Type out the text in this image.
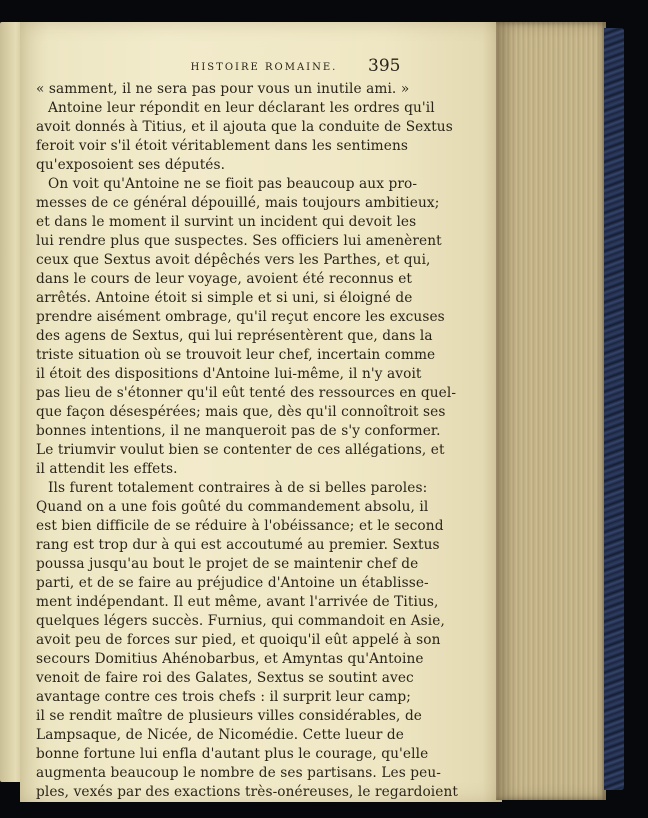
HISTOIRE ROMAINE.	395
« samment, il ne sera pas pour vous un inutile ami. »
Antoine leur répondit en leur déclarant les ordres qu'il
avoit donnés à Titius, et il ajouta que la conduite de Sextus
feroit voir s'il étoit véritablement dans les sentimens
qu'exposoient ses députés.
On voit qu'Antoine ne se fioit pas beaucoup aux pro-
messes de ce général dépouillé, mais toujours ambitieux;
et dans le moment il survint un incident qui devoit les
lui rendre plus que suspectes. Ses officiers lui amenèrent
ceux que Sextus avoit dépêchés vers les Parthes, et qui,
dans le cours de leur voyage, avoient été reconnus et
arrêtés. Antoine étoit si simple et si uni, si éloigné de
prendre aisément ombrage, qu'il reçut encore les excuses
des agens de Sextus, qui lui représentèrent que, dans la
triste situation où se trouvoit leur chef, incertain comme
il étoit des dispositions d'Antoine lui-même, il n'y avoit
pas lieu de s'étonner qu'il eût tenté des ressources en quel-
que façon désespérées; mais que, dès qu'il connoîtroit ses
bonnes intentions, il ne manqueroit pas de s'y conformer.
Le triumvir voulut bien se contenter de ces allégations, et
il attendit les effets.
Ils furent totalement contraires à de si belles paroles:
Quand on a une fois goûté du commandement absolu, il
est bien difficile de se réduire à l'obéissance; et le second
rang est trop dur à qui est accoutumé au premier. Sextus
poussa jusqu'au bout le projet de se maintenir chef de
parti, et de se faire au préjudice d'Antoine un établisse-
ment indépendant. Il eut même, avant l'arrivée de Titius,
quelques légers succès. Furnius, qui commandoit en Asie,
avoit peu de forces sur pied, et quoiqu'il eût appelé à son
secours Domitius Ahénobarbus, et Amyntas qu'Antoine
venoit de faire roi des Galates, Sextus se soutint avec
avantage contre ces trois chefs : il surprit leur camp;
il se rendit maître de plusieurs villes considérables, de
Lampsaque, de Nicée, de Nicomédie. Cette lueur de
bonne fortune lui enfla d'autant plus le courage, qu'elle
augmenta beaucoup le nombre de ses partisans. Les peu-
ples, vexés par des exactions très-onéreuses, le regardoient
